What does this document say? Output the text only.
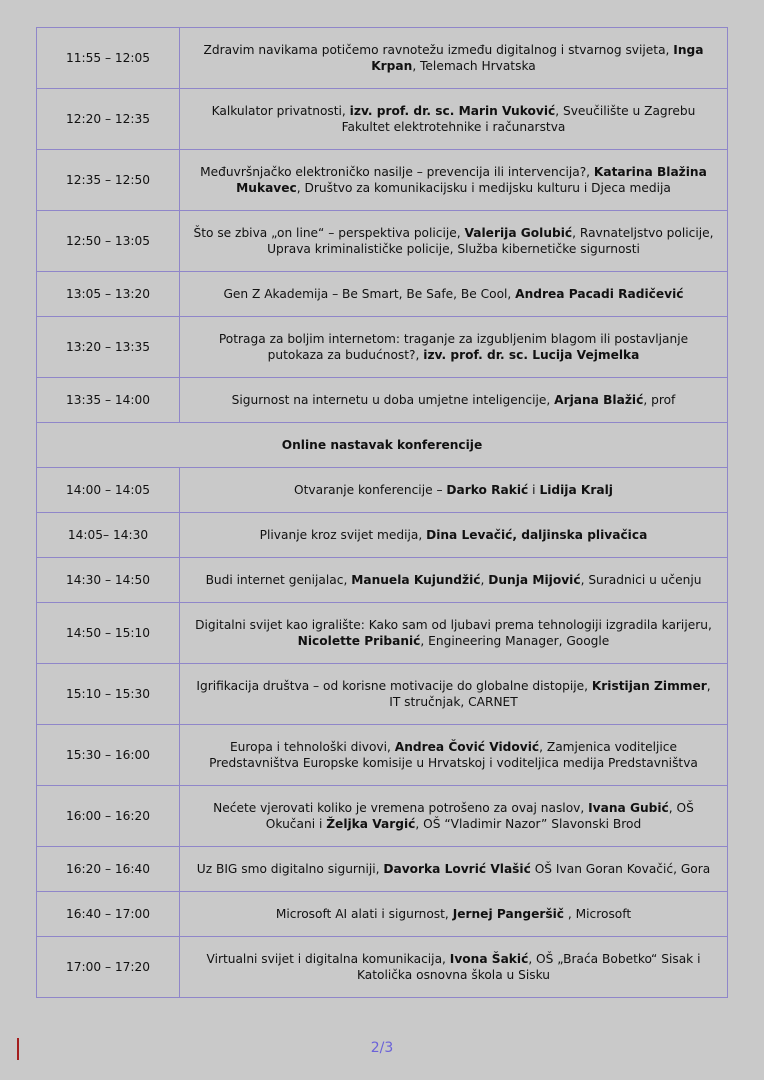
11:55 – 12:05	Zdravim navikama potičemo ravnotežu između digitalnog i stvarnog svijeta, Inga Krpan, Telemach Hrvatska
12:20 – 12:35	Kalkulator privatnosti, izv. prof. dr. sc. Marin Vuković, Sveučilište u Zagrebu Fakultet elektrotehnike i računarstva
12:35 – 12:50	Međuvršnjačko elektroničko nasilje – prevencija ili intervencija?, Katarina Blažina Mukavec, Društvo za komunikacijsku i medijsku kulturu i Djeca medija
12:50 – 13:05	Što se zbiva „on line“ – perspektiva policije, Valerija Golubić, Ravnateljstvo policije, Uprava kriminalističke policije, Služba kibernetičke sigurnosti
13:05 – 13:20	Gen Z Akademija – Be Smart, Be Safe, Be Cool, Andrea Pacadi Radičević
13:20 – 13:35	Potraga za boljim internetom: traganje za izgubljenim blagom ili postavljanje putokaza za budućnost?, izv. prof. dr. sc. Lucija Vejmelka
13:35 – 14:00	Sigurnost na internetu u doba umjetne inteligencije, Arjana Blažić, prof
Online nastavak konferencije	
14:00 – 14:05	Otvaranje konferencije – Darko Rakić i Lidija Kralj
14:05– 14:30	Plivanje kroz svijet medija, Dina Levačić, daljinska plivačica
14:30 – 14:50	Budi internet genijalac, Manuela Kujundžić, Dunja Mijović, Suradnici u učenju
14:50 – 15:10	Digitalni svijet kao igralište: Kako sam od ljubavi prema tehnologiji izgradila karijeru, Nicolette Pribanić, Engineering Manager, Google
15:10 – 15:30	Igrifikacija društva – od korisne motivacije do globalne distopije, Kristijan Zimmer, IT stručnjak, CARNET
15:30 – 16:00	Europa i tehnološki divovi, Andrea Čović Vidović, Zamjenica voditeljice Predstavništva Europske komisije u Hrvatskoj i voditeljica medija Predstavništva
16:00 – 16:20	Nećete vjerovati koliko je vremena potrošeno za ovaj naslov, Ivana Gubić, OŠ Okučani i Željka Vargić, OŠ “Vladimir Nazor” Slavonski Brod
16:20 – 16:40	Uz BIG smo digitalno sigurniji, Davorka Lovrić Vlašić OŠ Ivan Goran Kovačić, Gora
16:40 – 17:00	Microsoft AI alati i sigurnost, Jernej Pangeršič , Microsoft
17:00 – 17:20	Virtualni svijet i digitalna komunikacija, Ivona Šakić, OŠ „Braća Bobetko“ Sisak i Katolička osnovna škola u Sisku
2/3
